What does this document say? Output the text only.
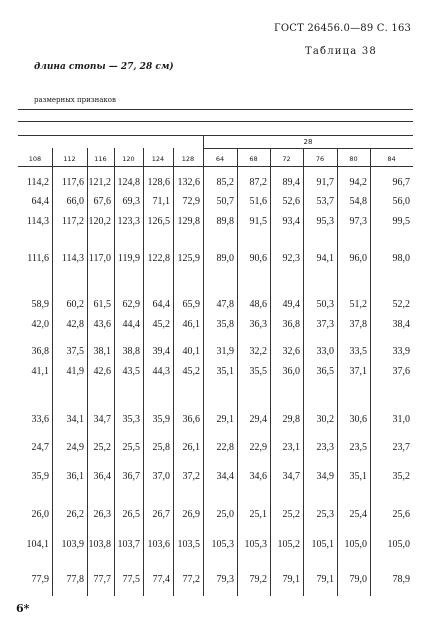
ГОСТ 26456.0—89 С. 163
Таблица 38
длина стопы — 27, 28 см)
размерных признаков
28
6*
108	112	116	120	124	128	64	68	72	76	80	84
114,2	117,6 121,2 124,8 128,6 132,6	85,2	87,2	89,4	91,7	94,2	96,7
64,4	66,0 67,6	69,3	71,1	72,9	50,7	51,6	52,6	53,7	54,8	56,0
114,3	117,2 120,2 123,3 126,5 129,8	89,8	91,5	93,4	95,3	97,3	99,5
111,6	114,3 117,0 119,9 122,8 125,9	89,0	90,6	92,3	94,1	96,0	98,0
58,9	60,2 61,5	62,9	64,4	65,9	47,8	48,6	49,4	50,3	51,2	52,2
42,0	42,8 43,6	44,4	45,2	46,1	35,8	36,3	36,8	37,3	37,8	38,4
36,8	37,5 38,1	38,8	39,4	40,1	31,9	32,2	32,6	33,0	33,5	33,9
41,1	41,9 42,6	43,5	44,3	45,2	35,1	35,5	36,0	36,5	37,1	37,6
33,6	34,1 34,7	35,3	35,9	36,6	29,1	29,4	29,8	30,2	30,6	31,0
24,7	24,9 25,2	25,5	25,8	26,1	22,8	22,9	23,1	23,3	23,5	23,7
35,9	36,1 36,4	36,7	37,0	37,2	34,4	34,6	34,7	34,9	35,1	35,2
26,0	26,2 26,3	26,5	26,7	26,9	25,0	25,1	25,2	25,3	25,4	25,6
104,1	103,9 103,8 103,7 103,6 103,5	105,3	105,3	105,2	105,1	105,0	105,0
77,9	77,8 77,7	77,5	77,4	77,2	79,3	79,2	79,1	79,1	79,0	78,9
